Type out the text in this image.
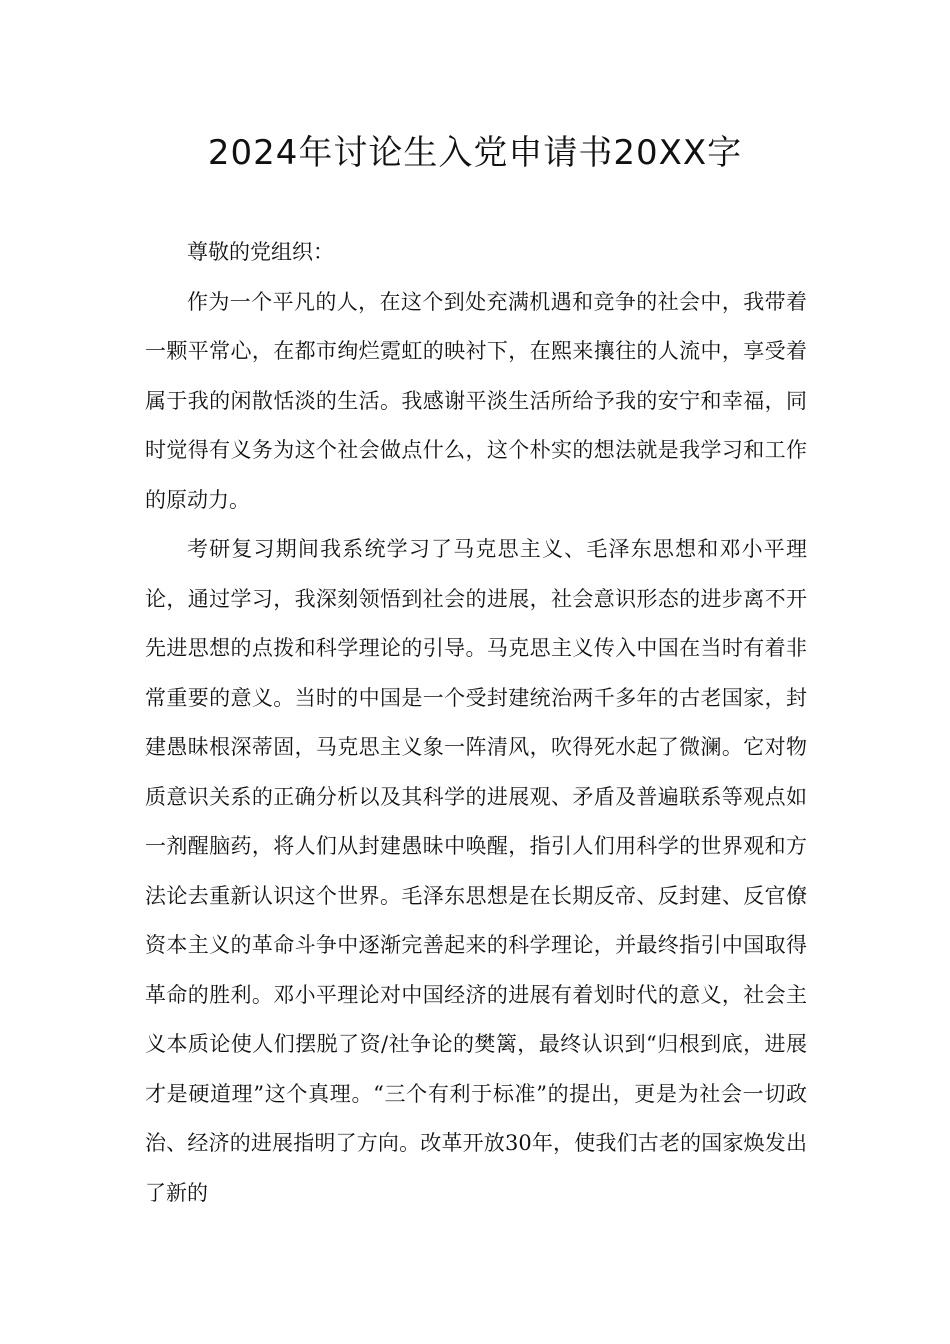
2024年讨论生入党申请书20XX字

尊敬的党组织：

作为一个平凡的人，在这个到处充满机遇和竞争的社会中，我带着一颗平常心，在都市绚烂霓虹的映衬下，在熙来攘往的人流中，享受着属于我的闲散恬淡的生活。我感谢平淡生活所给予我的安宁和幸福，同时觉得有义务为这个社会做点什么，这个朴实的想法就是我学习和工作的原动力。

考研复习期间我系统学习了马克思主义、毛泽东思想和邓小平理论，通过学习，我深刻领悟到社会的进展，社会意识形态的进步离不开先进思想的点拨和科学理论的引导。马克思主义传入中国在当时有着非常重要的意义。当时的中国是一个受封建统治两千多年的古老国家，封建愚昧根深蒂固，马克思主义象一阵清风，吹得死水起了微澜。它对物质意识关系的正确分析以及其科学的进展观、矛盾及普遍联系等观点如一剂醒脑药，将人们从封建愚昧中唤醒，指引人们用科学的世界观和方法论去重新认识这个世界。毛泽东思想是在长期反帝、反封建、反官僚资本主义的革命斗争中逐渐完善起来的科学理论，并最终指引中国取得革命的胜利。邓小平理论对中国经济的进展有着划时代的意义，社会主义本质论使人们摆脱了资/社争论的樊篱，最终认识到“归根到底，进展才是硬道理”这个真理。“三个有利于标准”的提出，更是为社会一切政治、经济的进展指明了方向。改革开放30年，使我们古老的国家焕发出了新的
